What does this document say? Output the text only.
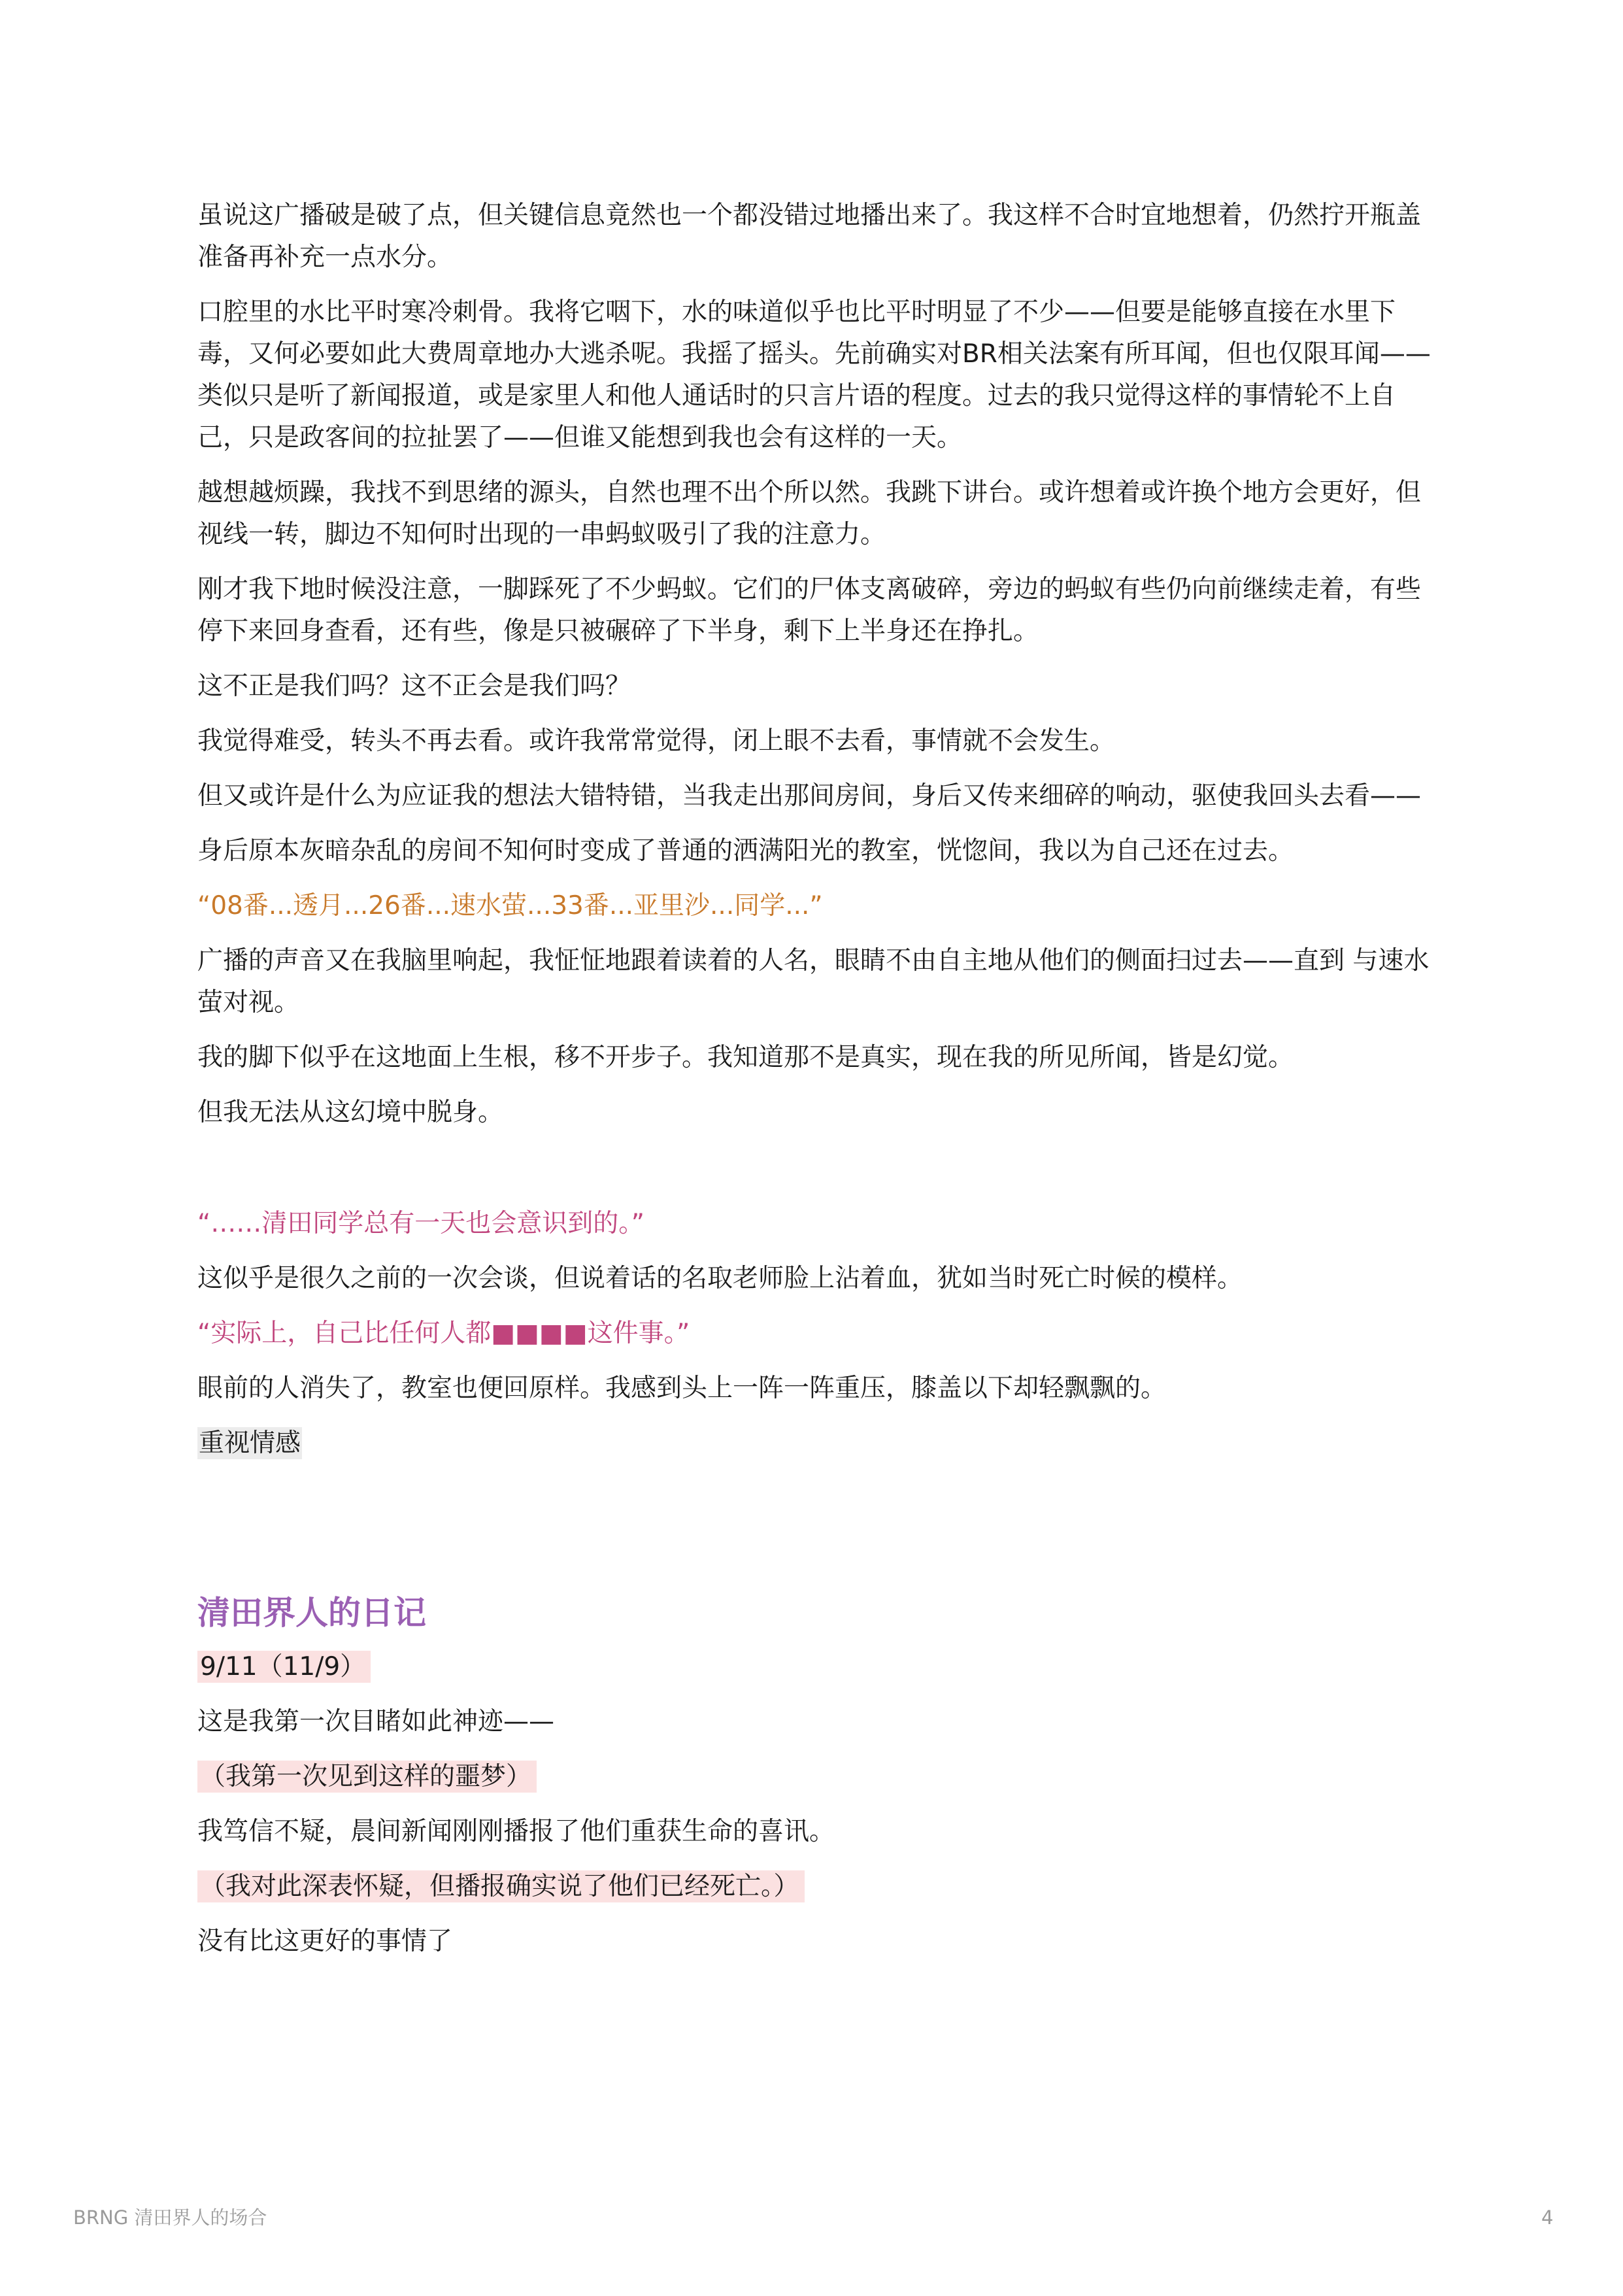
虽说这广播破是破了点，但关键信息竟然也一个都没错过地播出来了。我这样不合时宜地想着，仍然拧开瓶盖准备再补充一点水分。

口腔里的水比平时寒冷刺骨。我将它咽下，水的味道似乎也比平时明显了不少——但要是能够直接在水里下毒，又何必要如此大费周章地办大逃杀呢。我摇了摇头。先前确实对BR相关法案有所耳闻，但也仅限耳闻——类似只是听了新闻报道，或是家里人和他人通话时的只言片语的程度。过去的我只觉得这样的事情轮不上自己，只是政客间的拉扯罢了——但谁又能想到我也会有这样的一天。

越想越烦躁，我找不到思绪的源头，自然也理不出个所以然。我跳下讲台。或许想着或许换个地方会更好，但视线一转，脚边不知何时出现的一串蚂蚁吸引了我的注意力。

刚才我下地时候没注意，一脚踩死了不少蚂蚁。它们的尸体支离破碎，旁边的蚂蚁有些仍向前继续走着，有些停下来回身查看，还有些，像是只被碾碎了下半身，剩下上半身还在挣扎。

这不正是我们吗？这不正会是我们吗？

我觉得难受，转头不再去看。或许我常常觉得，闭上眼不去看，事情就不会发生。

但又或许是什么为应证我的想法大错特错，当我走出那间房间，身后又传来细碎的响动，驱使我回头去看——

身后原本灰暗杂乱的房间不知何时变成了普通的洒满阳光的教室，恍惚间，我以为自己还在过去。

“08番...透月...26番...速水萤...33番...亚里沙...同学...”

广播的声音又在我脑里响起，我怔怔地跟着读着的人名，眼睛不由自主地从他们的侧面扫过去——直到 与速水萤对视。

我的脚下似乎在这地面上生根，移不开步子。我知道那不是真实，现在我的所见所闻，皆是幻觉。

但我无法从这幻境中脱身。

“……清田同学总有一天也会意识到的。”

这似乎是很久之前的一次会谈，但说着话的名取老师脸上沾着血，犹如当时死亡时候的模样。

“实际上，自己比任何人都■■■■这件事。”

眼前的人消失了，教室也便回原样。我感到头上一阵一阵重压，膝盖以下却轻飘飘的。

重视情感

清田界人的日记

9/11（11/9）

这是我第一次目睹如此神迹——

（我第一次见到这样的噩梦）

我笃信不疑，晨间新闻刚刚播报了他们重获生命的喜讯。

（我对此深表怀疑，但播报确实说了他们已经死亡。）

没有比这更好的事情了

BRNG 清田界人的场合	4
